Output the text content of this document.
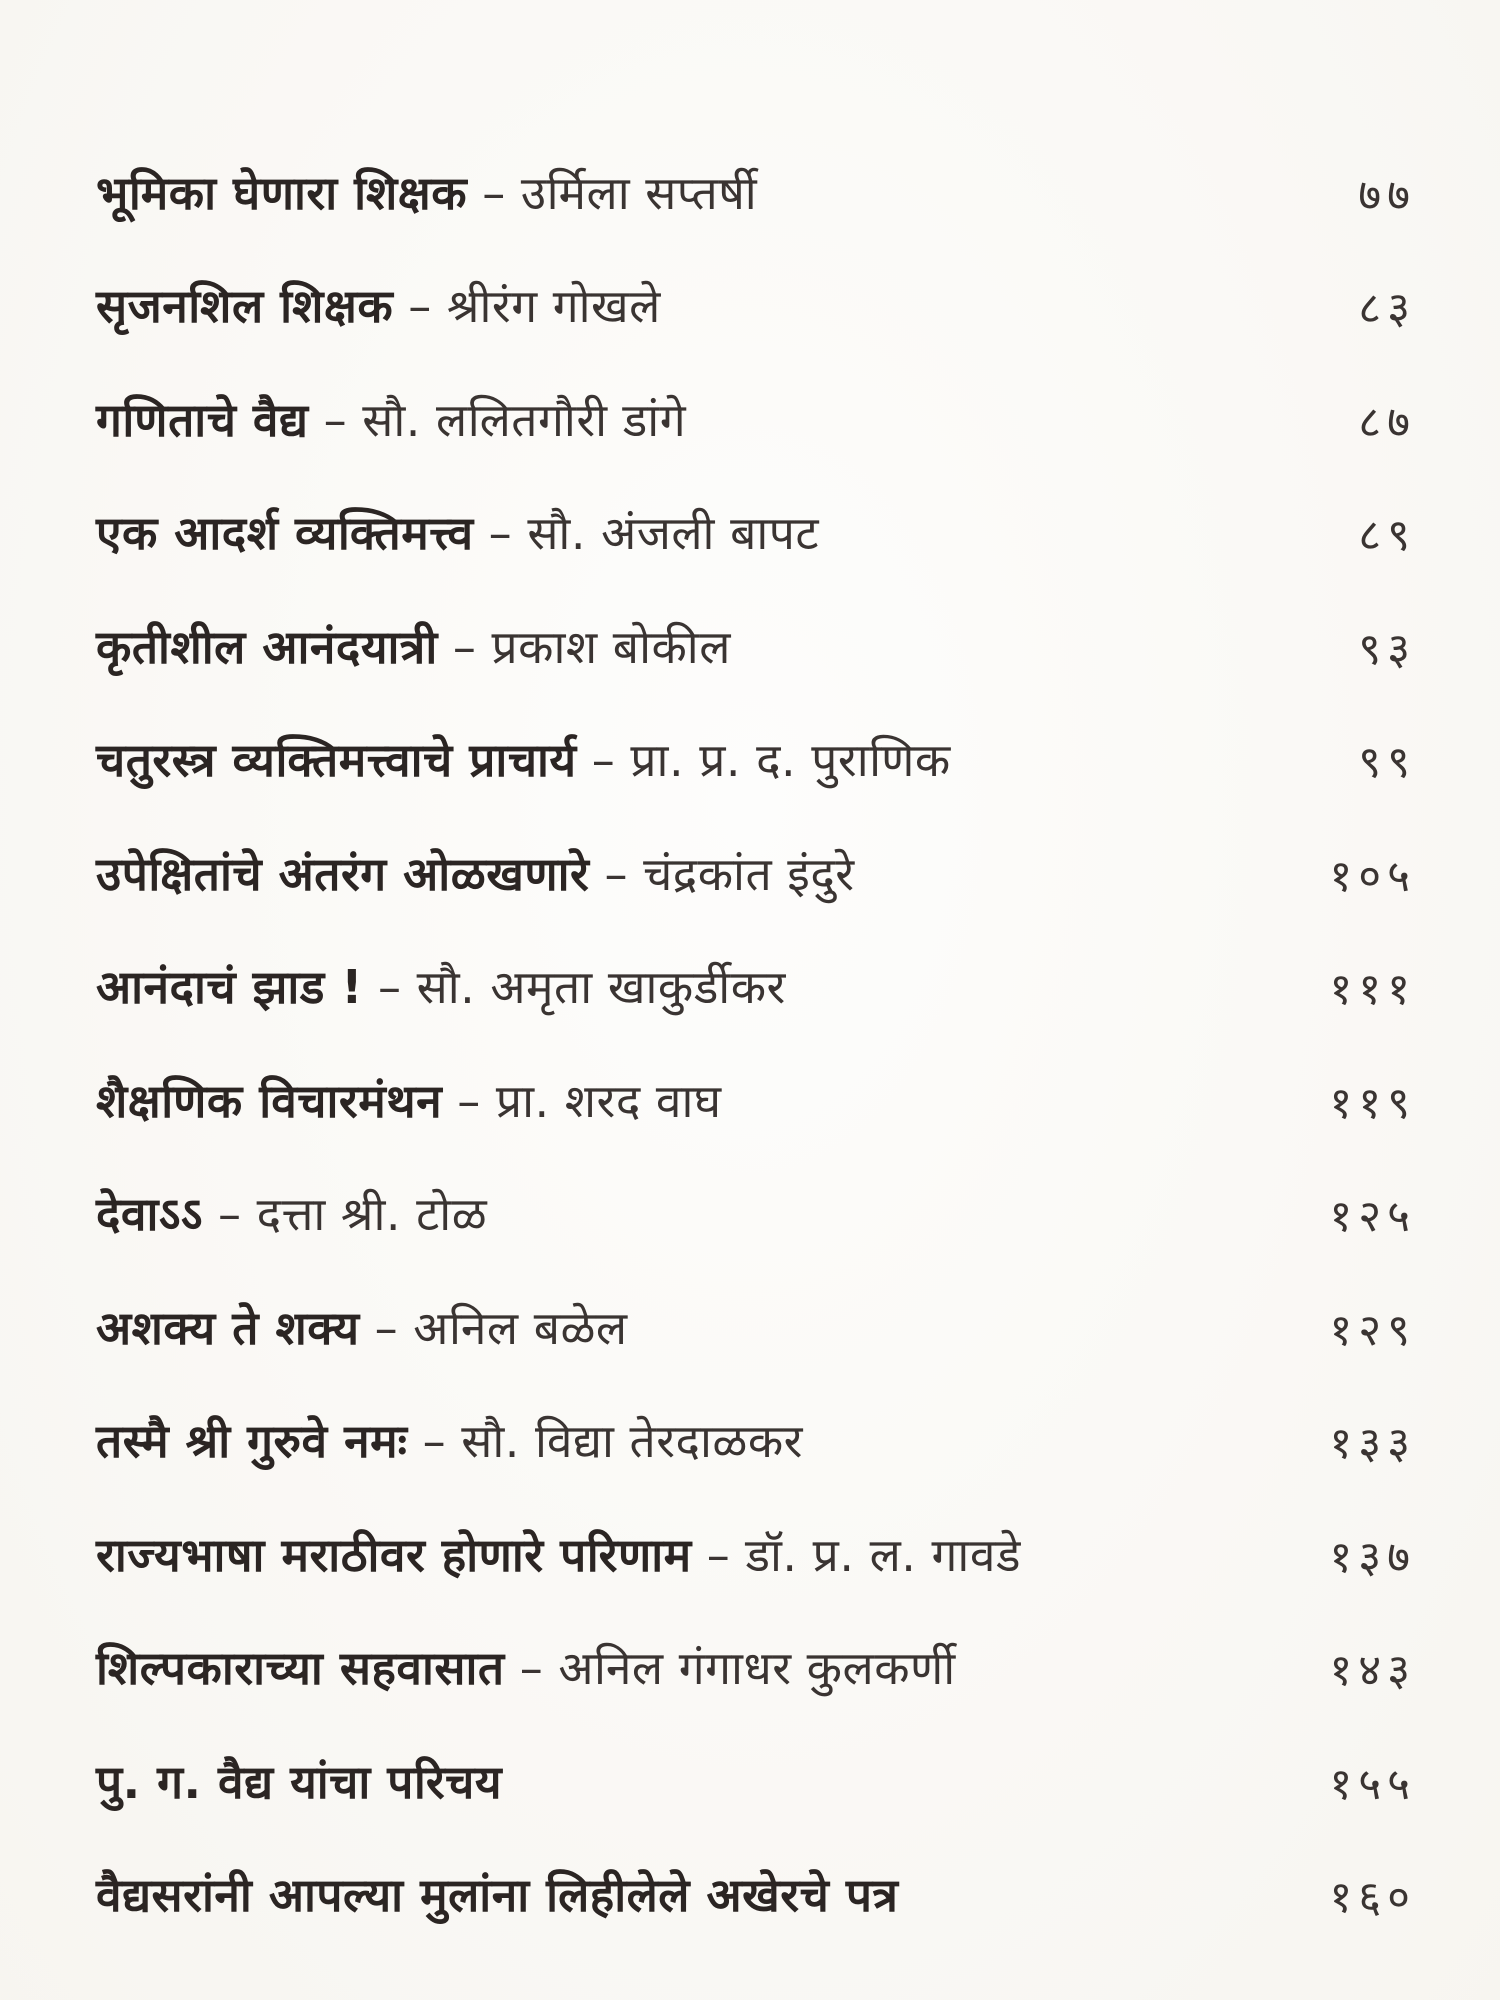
भूमिका घेणारा शिक्षक – उर्मिला सप्तर्षी	७७
सृजनशिल शिक्षक – श्रीरंग गोखले	८३
गणिताचे वैद्य – सौ. ललितगौरी डांगे	८७
एक आदर्श व्यक्तिमत्त्व – सौ. अंजली बापट	८९
कृतीशील आनंदयात्री – प्रकाश बोकील	९३
चतुरस्त्र व्यक्तिमत्त्वाचे प्राचार्य – प्रा. प्र. द. पुराणिक	९९
उपेक्षितांचे अंतरंग ओळखणारे – चंद्रकांत इंदुरे	१०५
आनंदाचं झाड ! – सौ. अमृता खाकुर्डीकर	१११
शैक्षणिक विचारमंथन – प्रा. शरद वाघ	११९
देवाऽऽ – दत्ता श्री. टोळ	१२५
अशक्य ते शक्य – अनिल बळेल	१२९
तस्मै श्री गुरुवे नमः – सौ. विद्या तेरदाळकर	१३३
राज्यभाषा मराठीवर होणारे परिणाम – डॉ. प्र. ल. गावडे	१३७
शिल्पकाराच्या सहवासात – अनिल गंगाधर कुलकर्णी	१४३
पु. ग. वैद्य यांचा परिचय	१५५
वैद्यसरांनी आपल्या मुलांना लिहीलेले अखेरचे पत्र	१६०
